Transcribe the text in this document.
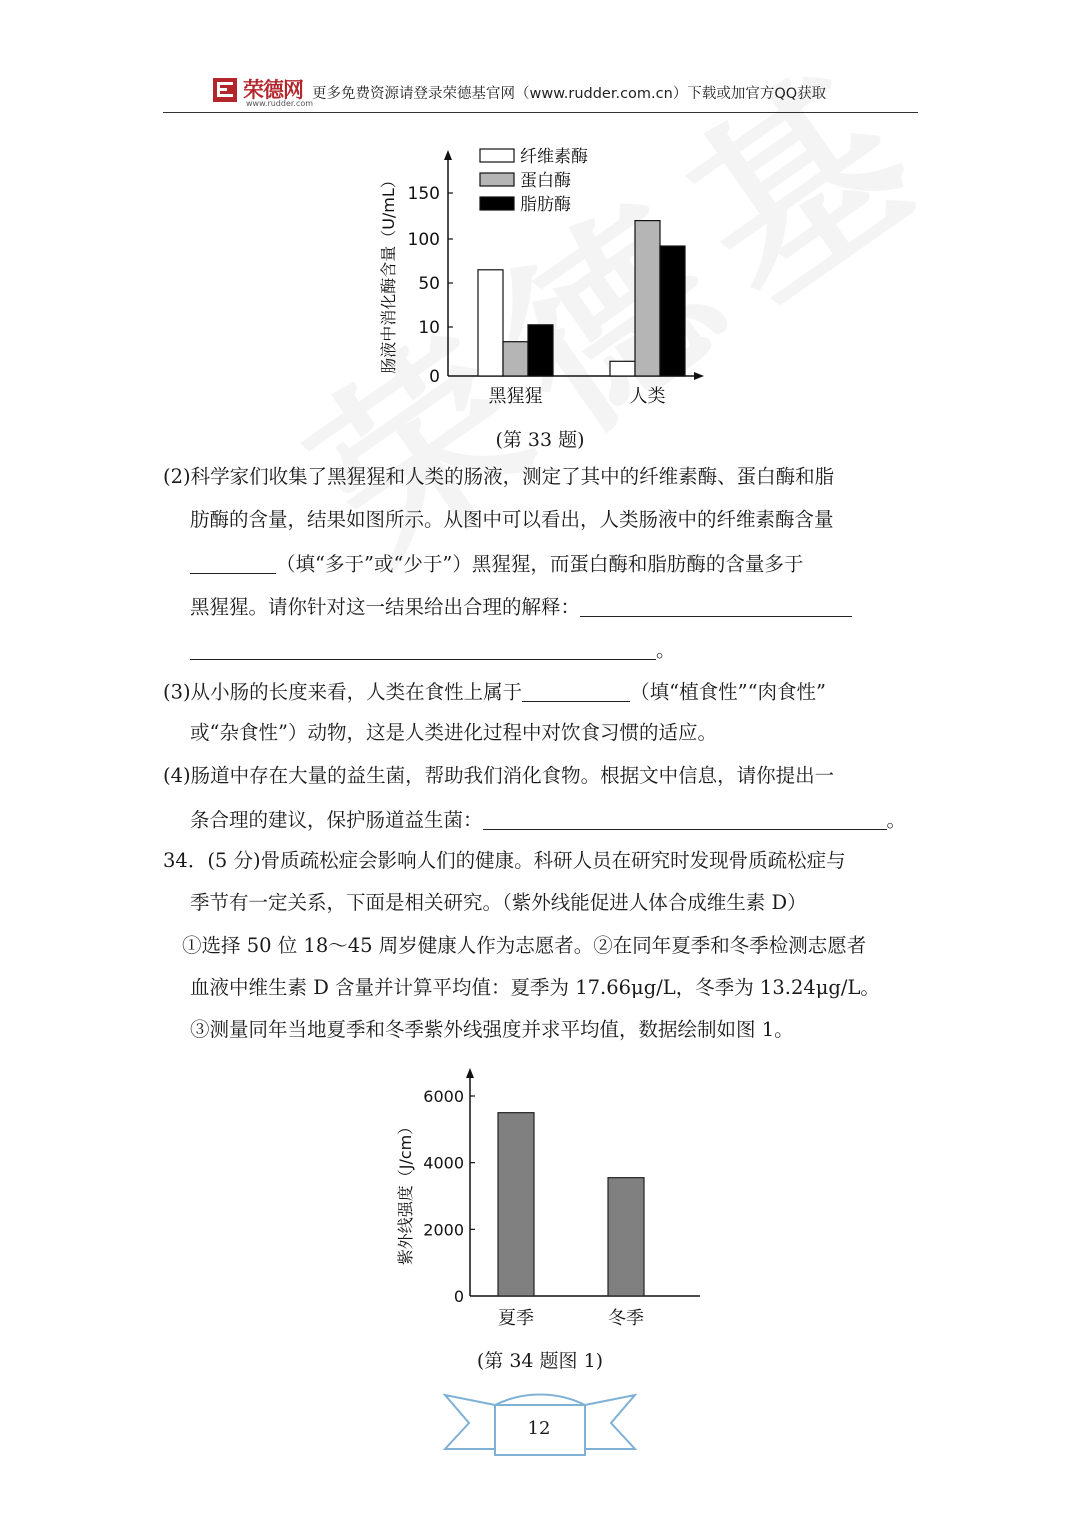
荣德网
www.rudder.com
更多免费资源请登录荣德基官网（www.rudder.com.cn）下载或加官方QQ获取
0
10
50
100
150
肠液中消化酶含量（U/mL）
黑猩猩	人类
纤维素酶
蛋白酶
脂肪酶
(第 33 题)
(2)科学家们收集了黑猩猩和人类的肠液，测定了其中的纤维素酶、蛋白酶和脂
肪酶的含量，结果如图所示。从图中可以看出，人类肠液中的纤维素酶含量
（填“多于”或“少于”）黑猩猩，而蛋白酶和脂肪酶的含量多于
黑猩猩。请你针对这一结果给出合理的解释：
。
(3)从小肠的长度来看，人类在食性上属于	（填“植食性”“肉食性”
或“杂食性”）动物，这是人类进化过程中对饮食习惯的适应。
(4)肠道中存在大量的益生菌，帮助我们消化食物。根据文中信息，请你提出一
条合理的建议，保护肠道益生菌：	。
34．(5 分)骨质疏松症会影响人们的健康。科研人员在研究时发现骨质疏松症与
季节有一定关系，下面是相关研究。（紫外线能促进人体合成维生素 D）
①选择 50 位 18～45 周岁健康人作为志愿者。②在同年夏季和冬季检测志愿者
血液中维生素 D 含量并计算平均值：夏季为 17.66μg/L，冬季为 13.24μg/L。
③测量同年当地夏季和冬季紫外线强度并求平均值，数据绘制如图 1。
0
2000
4000
6000
紫外线强度（J/cm）
夏季	冬季
(第 34 题图 1)
12
